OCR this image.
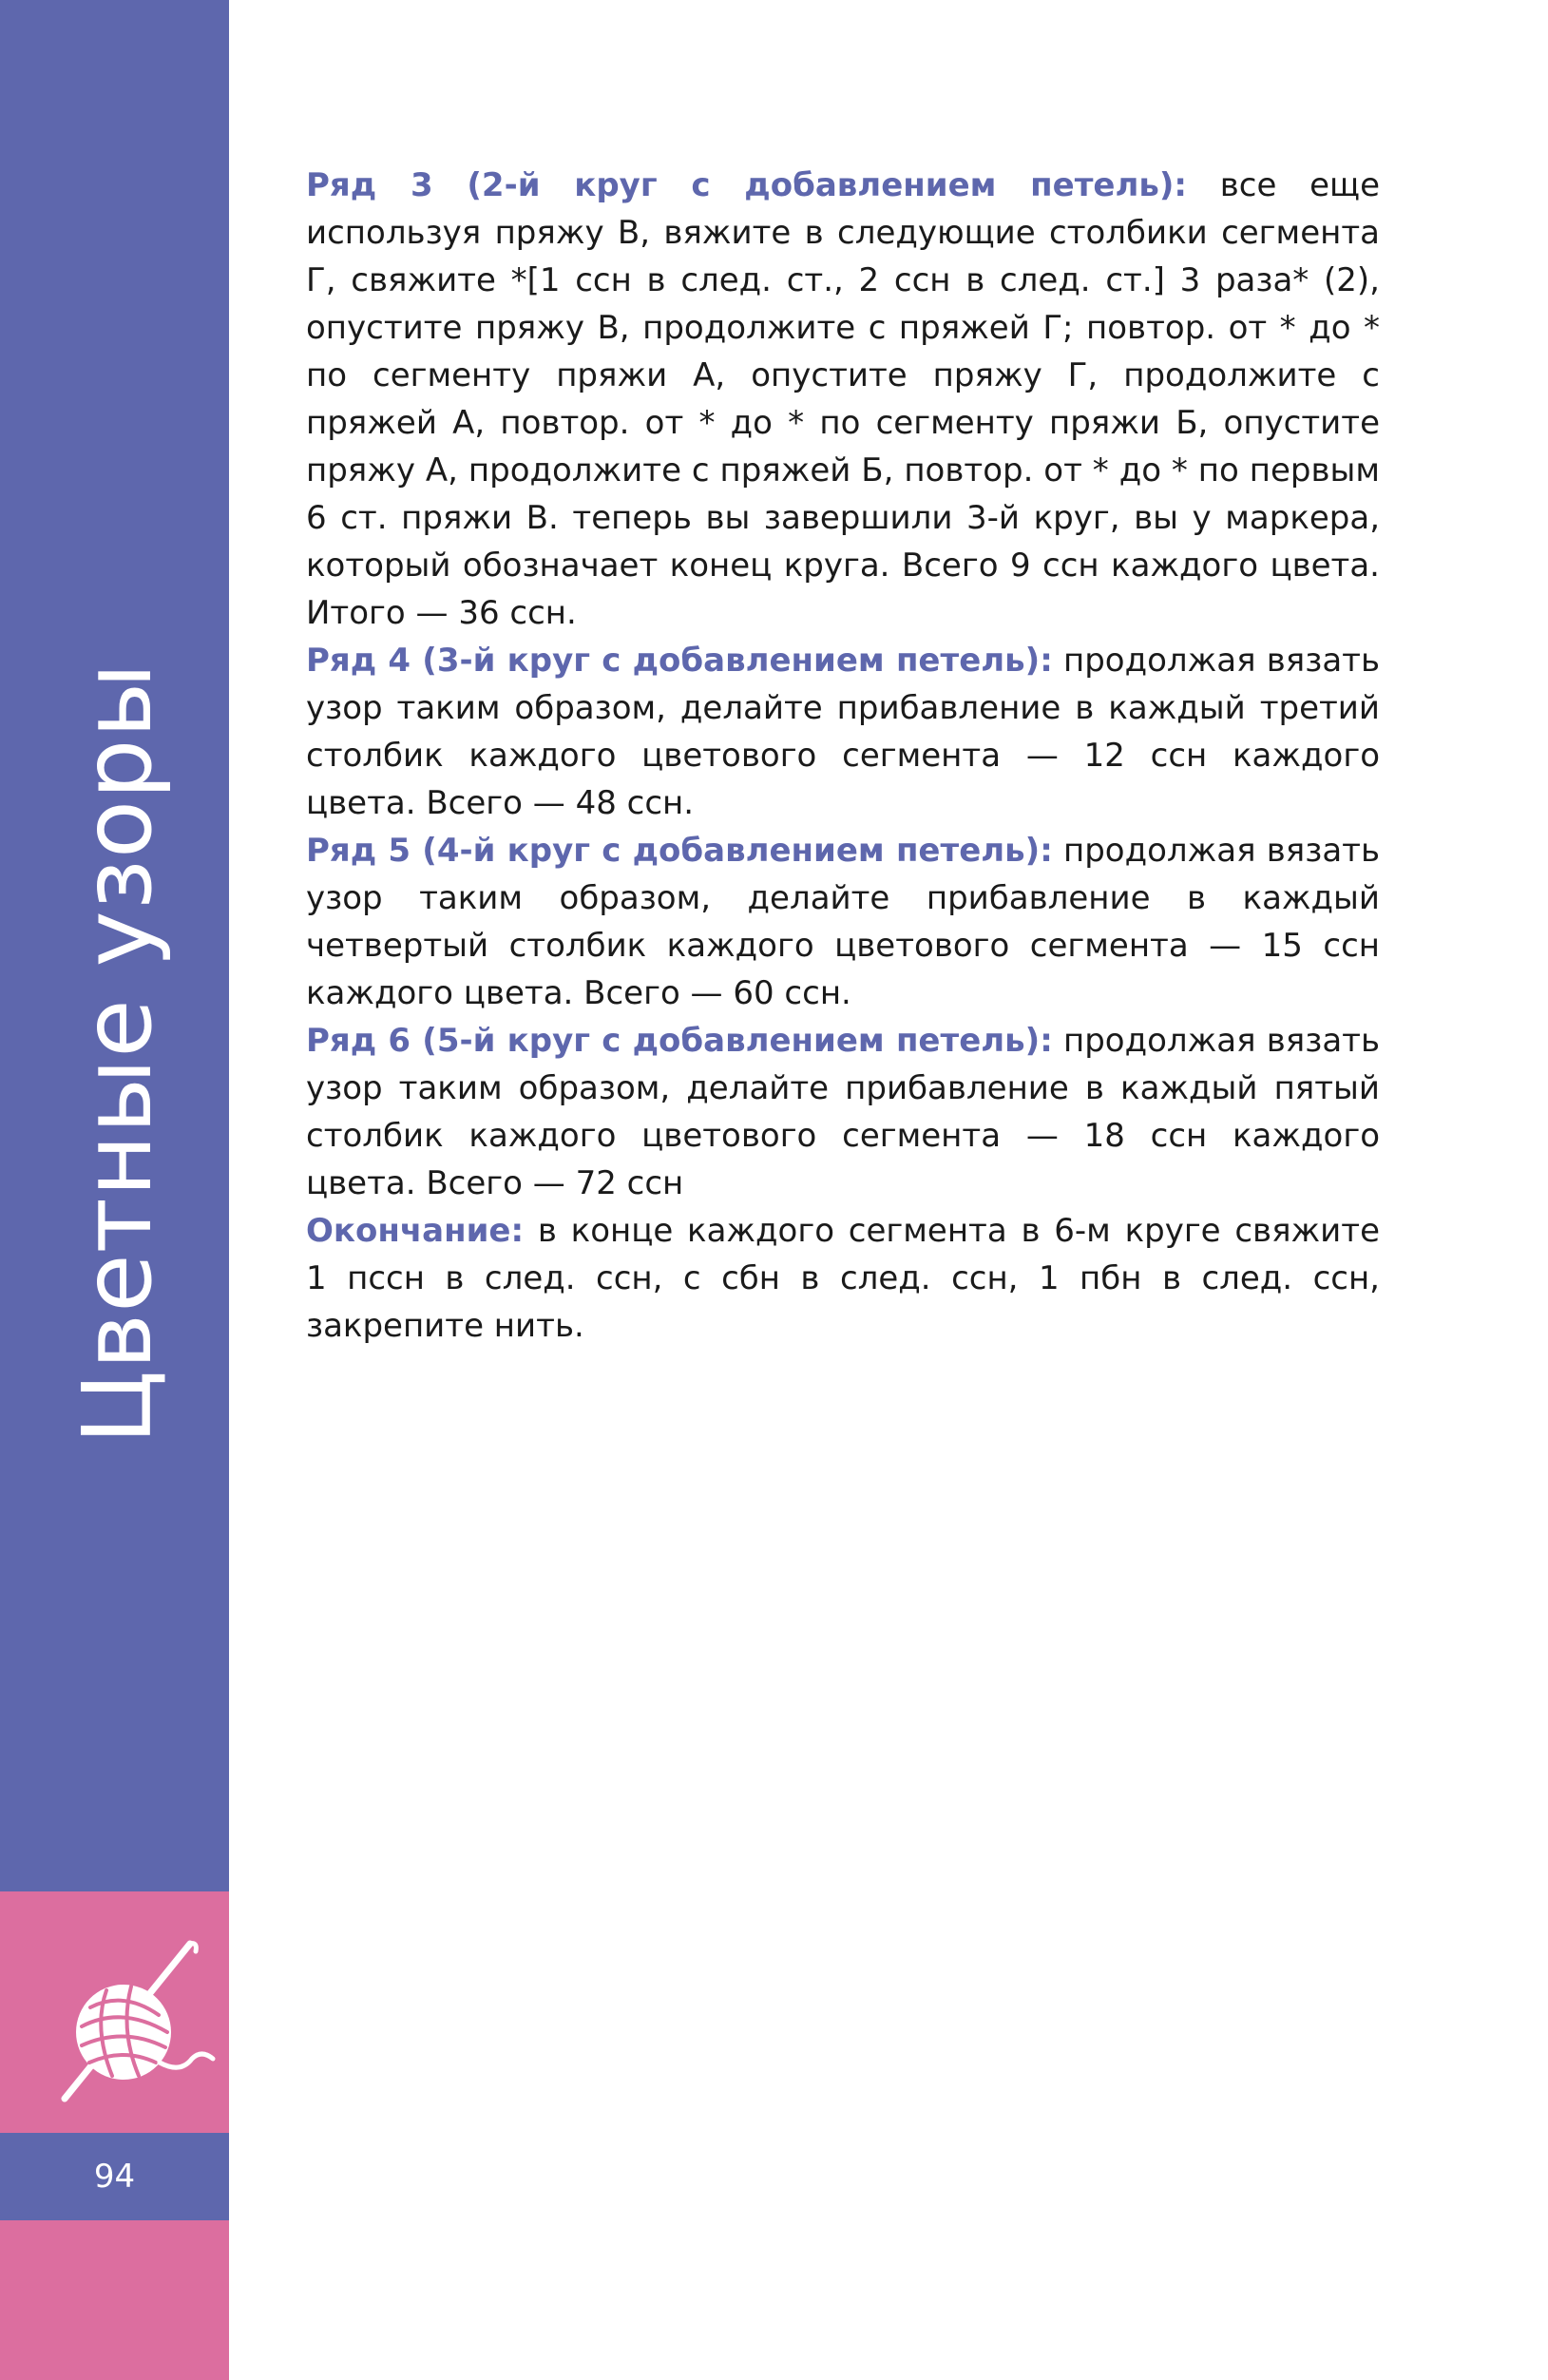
Цветные узоры
94

Ряд 3 (2-й круг с добавлением петель): все еще используя пряжу В, вяжите в следующие столбики сегмента Г, свяжите *[1 ссн в след. ст., 2 ссн в след. ст.] 3 раза* (2), опустите пряжу В, продолжите с пряжей Г; повтор. от * до * по сегменту пряжи А, опустите пряжу Г, продолжите с пряжей А, повтор. от * до * по сегменту пряжи Б, опустите пряжу А, продолжите с пряжей Б, повтор. от * до * по первым 6 ст. пряжи В. теперь вы завершили 3-й круг, вы у маркера, который обозначает конец круга. Всего 9 ссн каждого цвета. Итого — 36 ссн.

Ряд 4 (3-й круг с добавлением петель): продолжая вязать узор таким образом, делайте прибавление в каждый третий столбик каждого цветового сегмента — 12 ссн каждого цвета. Всего — 48 ссн.

Ряд 5 (4-й круг с добавлением петель): продолжая вязать узор таким образом, делайте прибавление в каждый четвертый столбик каждого цветового сегмента — 15 ссн каждого цвета. Всего — 60 ссн.

Ряд 6 (5-й круг с добавлением петель): продолжая вязать узор таким образом, делайте прибавление в каждый пятый столбик каждого цветового сегмента — 18 ссн каждого цвета. Всего — 72 ссн

Окончание: в конце каждого сегмента в 6-м круге свяжите 1 пссн в след. ссн, с сбн в след. ссн, 1 пбн в след. ссн, закрепите нить.
